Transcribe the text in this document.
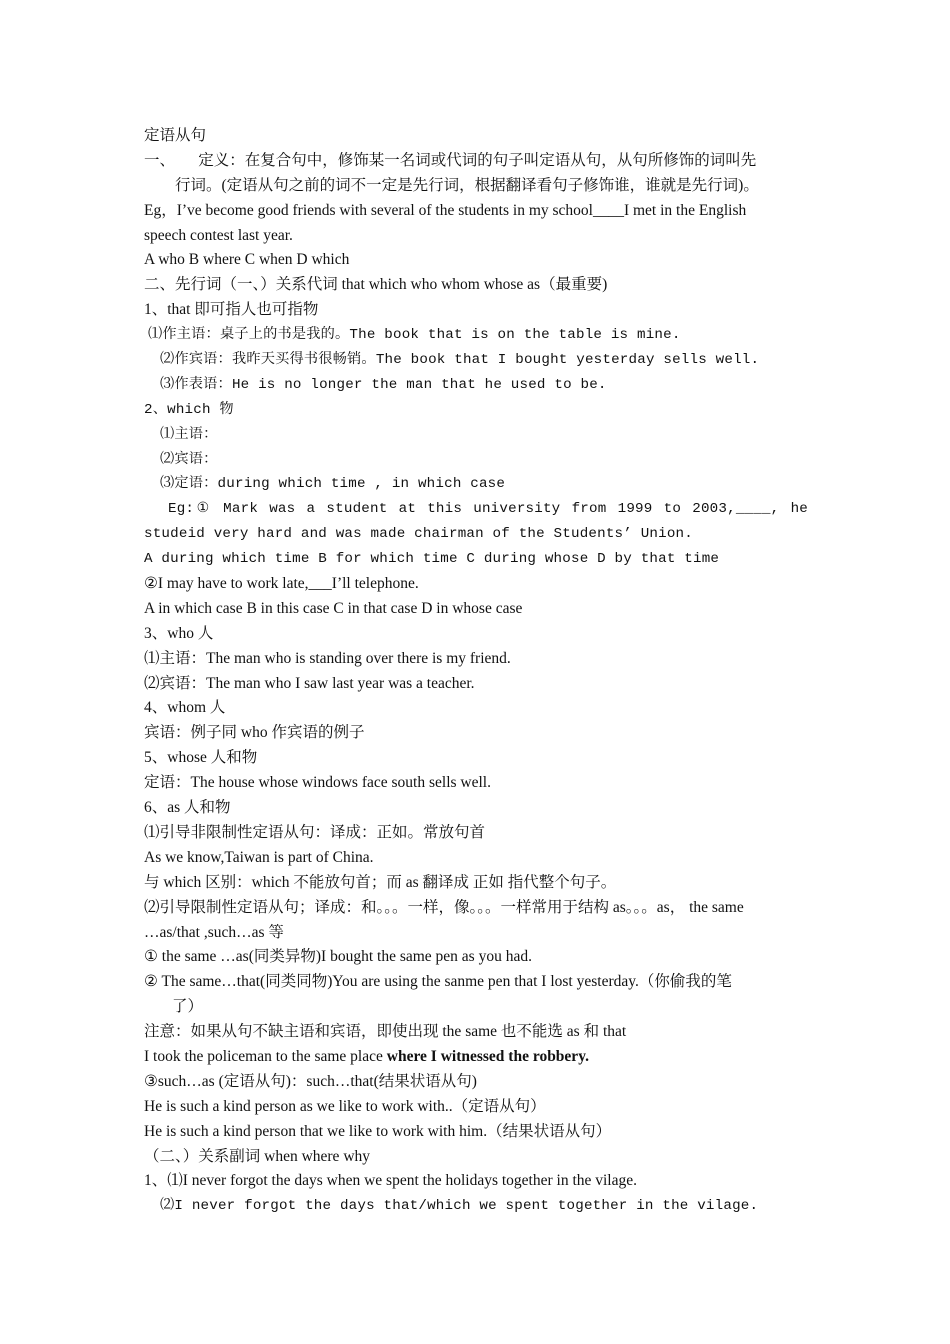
定语从句
一、　　定义：在复合句中，修饰某一名词或代词的句子叫定语从句，从句所修饰的词叫先
行词。(定语从句之前的词不一定是先行词，根据翻译看句子修饰谁，谁就是先行词)。
Eg，I’ve become good friends with several of the students in my school____I met in the English
speech contest last year.
A who B where C when D which
二、先行词（一、）关系代词 that which who whom whose as（最重要)
1、that 即可指人也可指物
⑴作主语：桌子上的书是我的。The book that is on the table is mine.
⑵作宾语：我昨天买得书很畅销。The book that I bought yesterday sells well.
⑶作表语：He is no longer the man that he used to be.
2、which 物
⑴主语：
⑵宾语：
⑶定语：during which time , in which case
Eg:① Mark was a student at this university from 1999 to 2003,____, he
studeid very hard and was made chairman of the Students’ Union.
A during which time B for which time C during whose D by that time
②I may have to work late,___I’ll telephone.
A in which case B in this case C in that case D in whose case
3、who 人
⑴主语：The man who is standing over there is my friend.
⑵宾语：The man who I saw last year was a teacher.
4、whom 人
宾语：例子同 who 作宾语的例子
5、whose 人和物
定语：The house whose windows face south sells well.
6、as 人和物
⑴引导非限制性定语从句：译成：正如。常放句首
As we know,Taiwan is part of China.
与 which 区别：which 不能放句首；而 as 翻译成 正如 指代整个句子。
⑵引导限制性定语从句；译成：和。。。一样，像。。。一样常用于结构 as。。。as， the same
…as/that ,such…as 等
① the same …as(同类异物)I bought the same pen as you had.
② The same…that(同类同物)You are using the sanme pen that I lost yesterday.（你偷我的笔
了）
注意：如果从句不缺主语和宾语，即使出现 the same 也不能选 as 和 that
I took the policeman to the same place where I witnessed the robbery.
③such…as (定语从句)：such…that(结果状语从句)
He is such a kind person as we like to work with..（定语从句）
He is such a kind person that we like to work with him.（结果状语从句）
（二、）关系副词 when where why
1、⑴I never forgot the days when we spent the holidays together in the vilage.
⑵I never forgot the days that/which we spent together in the vilage.
